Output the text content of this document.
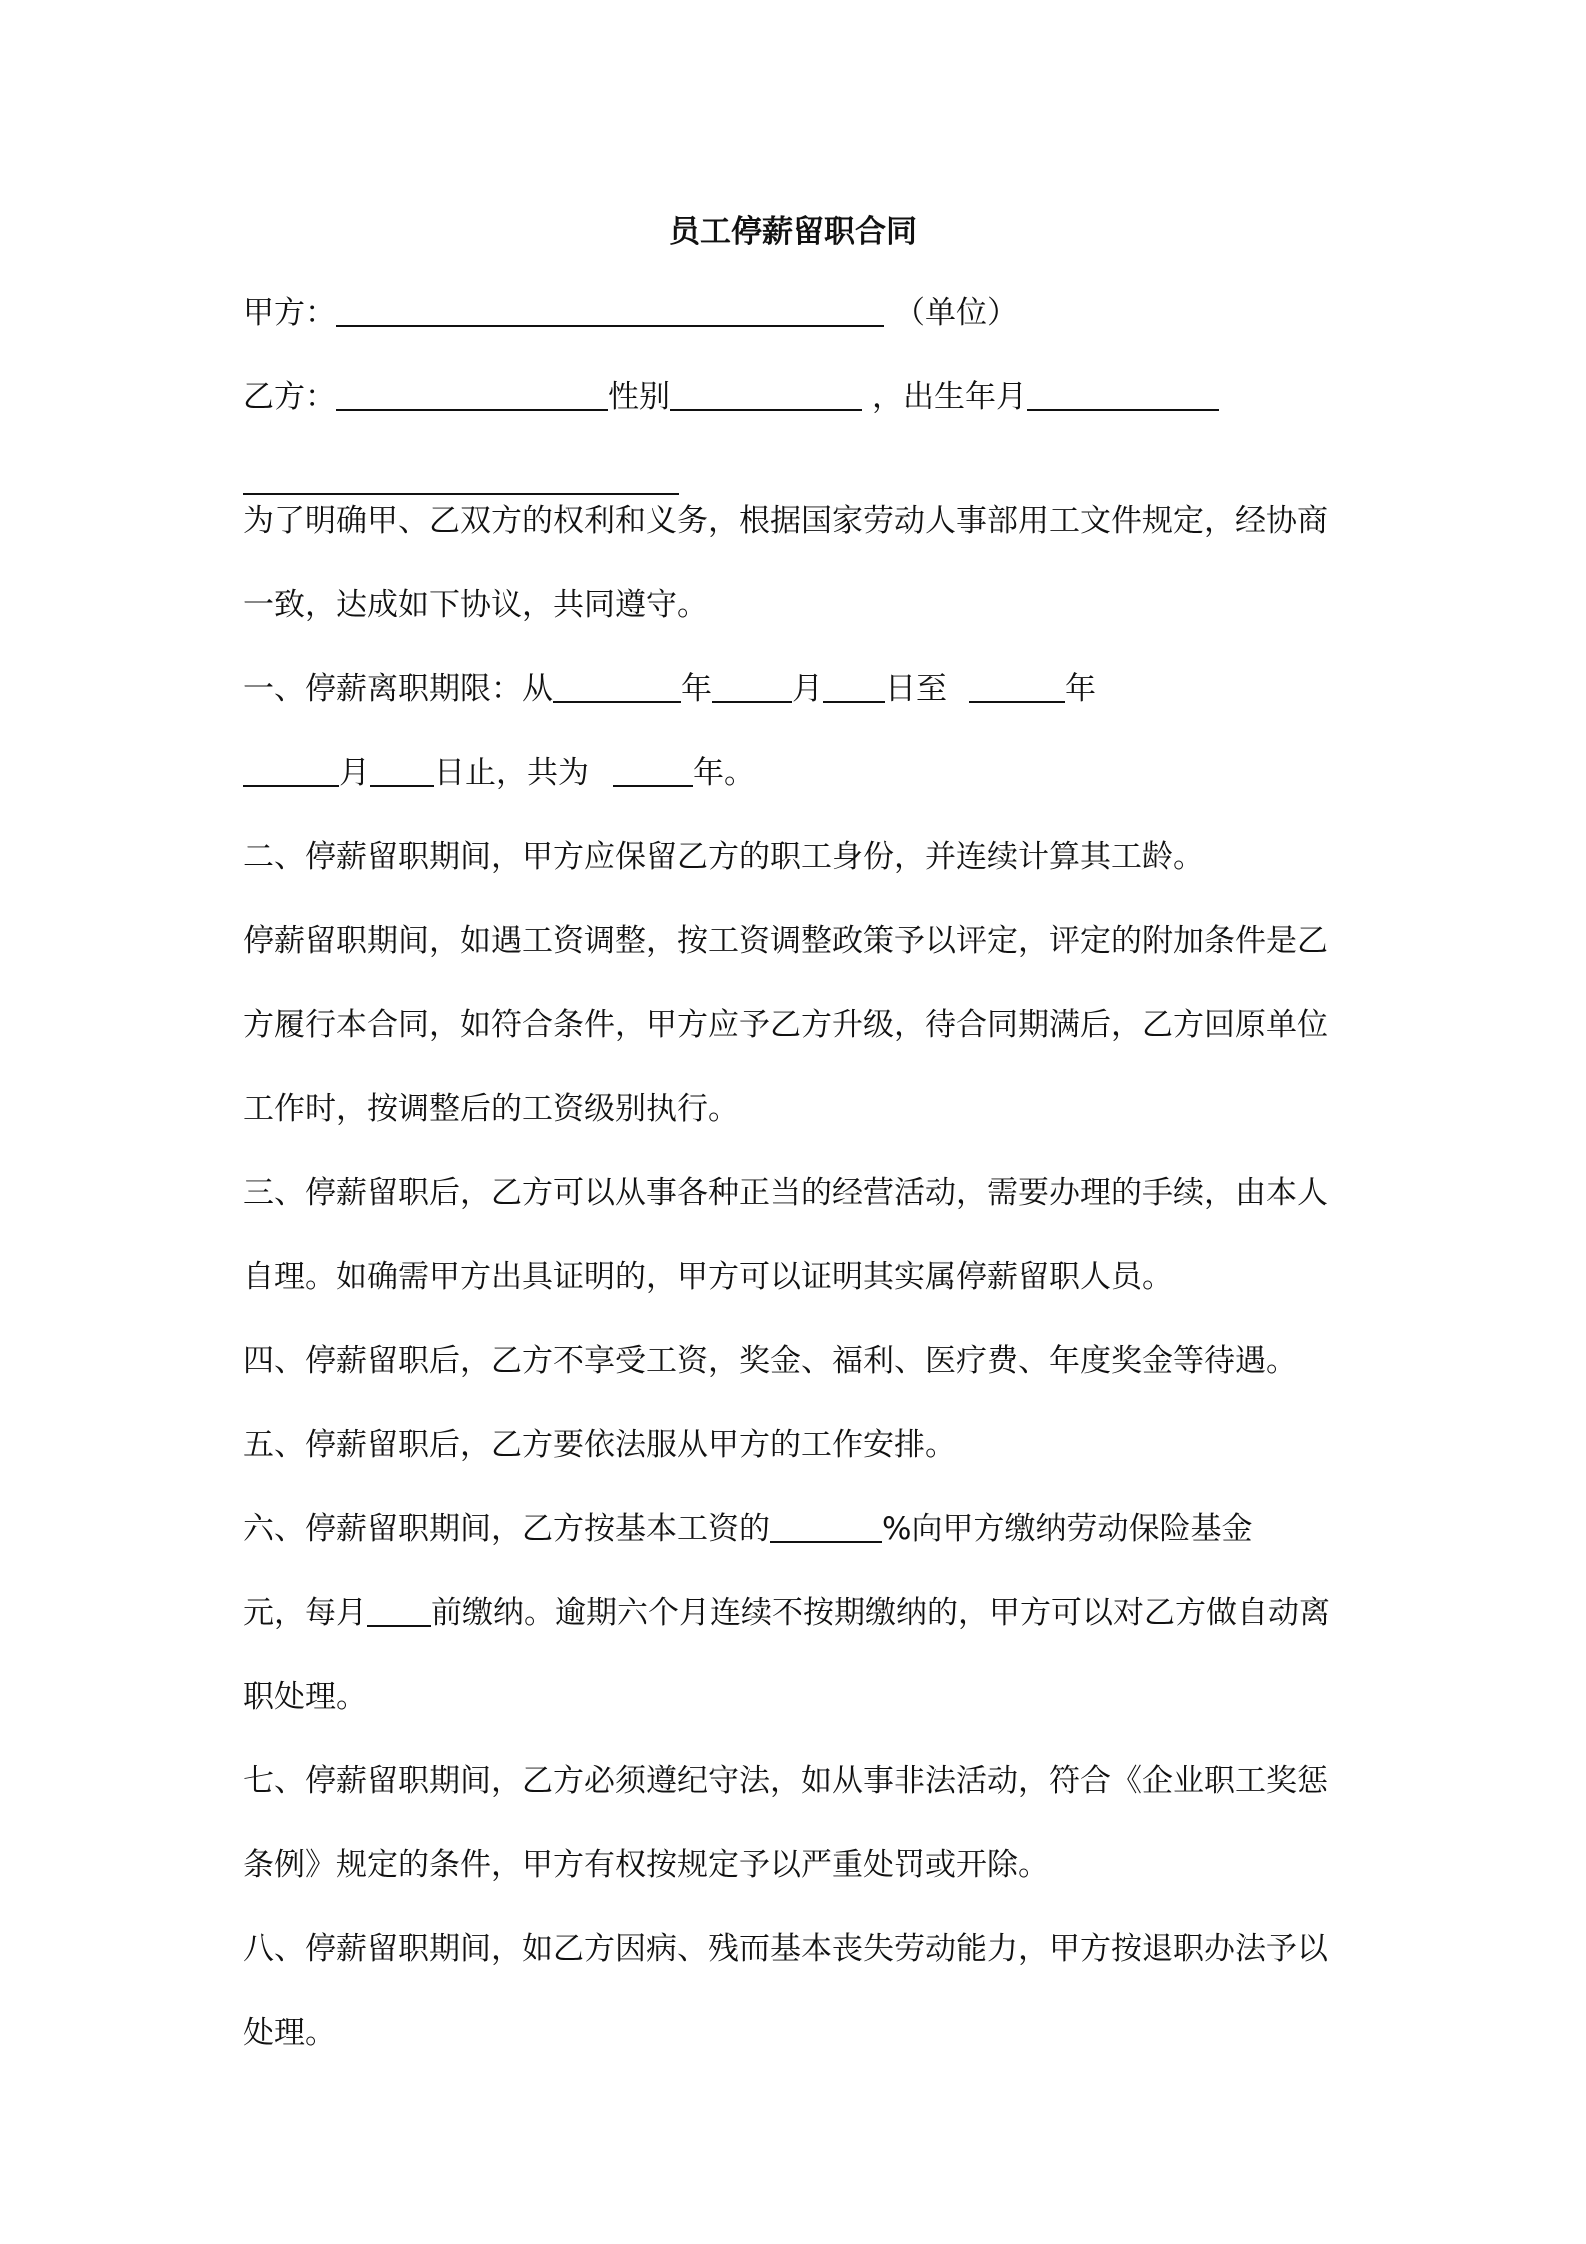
员工停薪留职合同
甲方：	（单位）
乙方：	性别	，出生年月
为了明确甲、乙双方的权利和义务，根据国家劳动人事部用工文件规定，经协商
一致，达成如下协议，共同遵守。
一、停薪离职期限：从	年	月 日至	年
月 日止，共为	年。
二、停薪留职期间，甲方应保留乙方的职工身份，并连续计算其工龄。
停薪留职期间，如遇工资调整，按工资调整政策予以评定，评定的附加条件是乙
方履行本合同，如符合条件，甲方应予乙方升级，待合同期满后，乙方回原单位
工作时，按调整后的工资级别执行。
三、停薪留职后，乙方可以从事各种正当的经营活动，需要办理的手续，由本人
自理。如确需甲方出具证明的，甲方可以证明其实属停薪留职人员。
四、停薪留职后，乙方不享受工资，奖金、福利、医疗费、年度奖金等待遇。
五、停薪留职后，乙方要依法服从甲方的工作安排。
六、停薪留职期间，乙方按基本工资的	%向甲方缴纳劳动保险基金
元，每月 前缴纳。逾期六个月连续不按期缴纳的，甲方可以对乙方做自动离
职处理。
七、停薪留职期间，乙方必须遵纪守法，如从事非法活动，符合《企业职工奖惩
条例》规定的条件，甲方有权按规定予以严重处罚或开除。
八、停薪留职期间，如乙方因病、残而基本丧失劳动能力，甲方按退职办法予以
处理。
